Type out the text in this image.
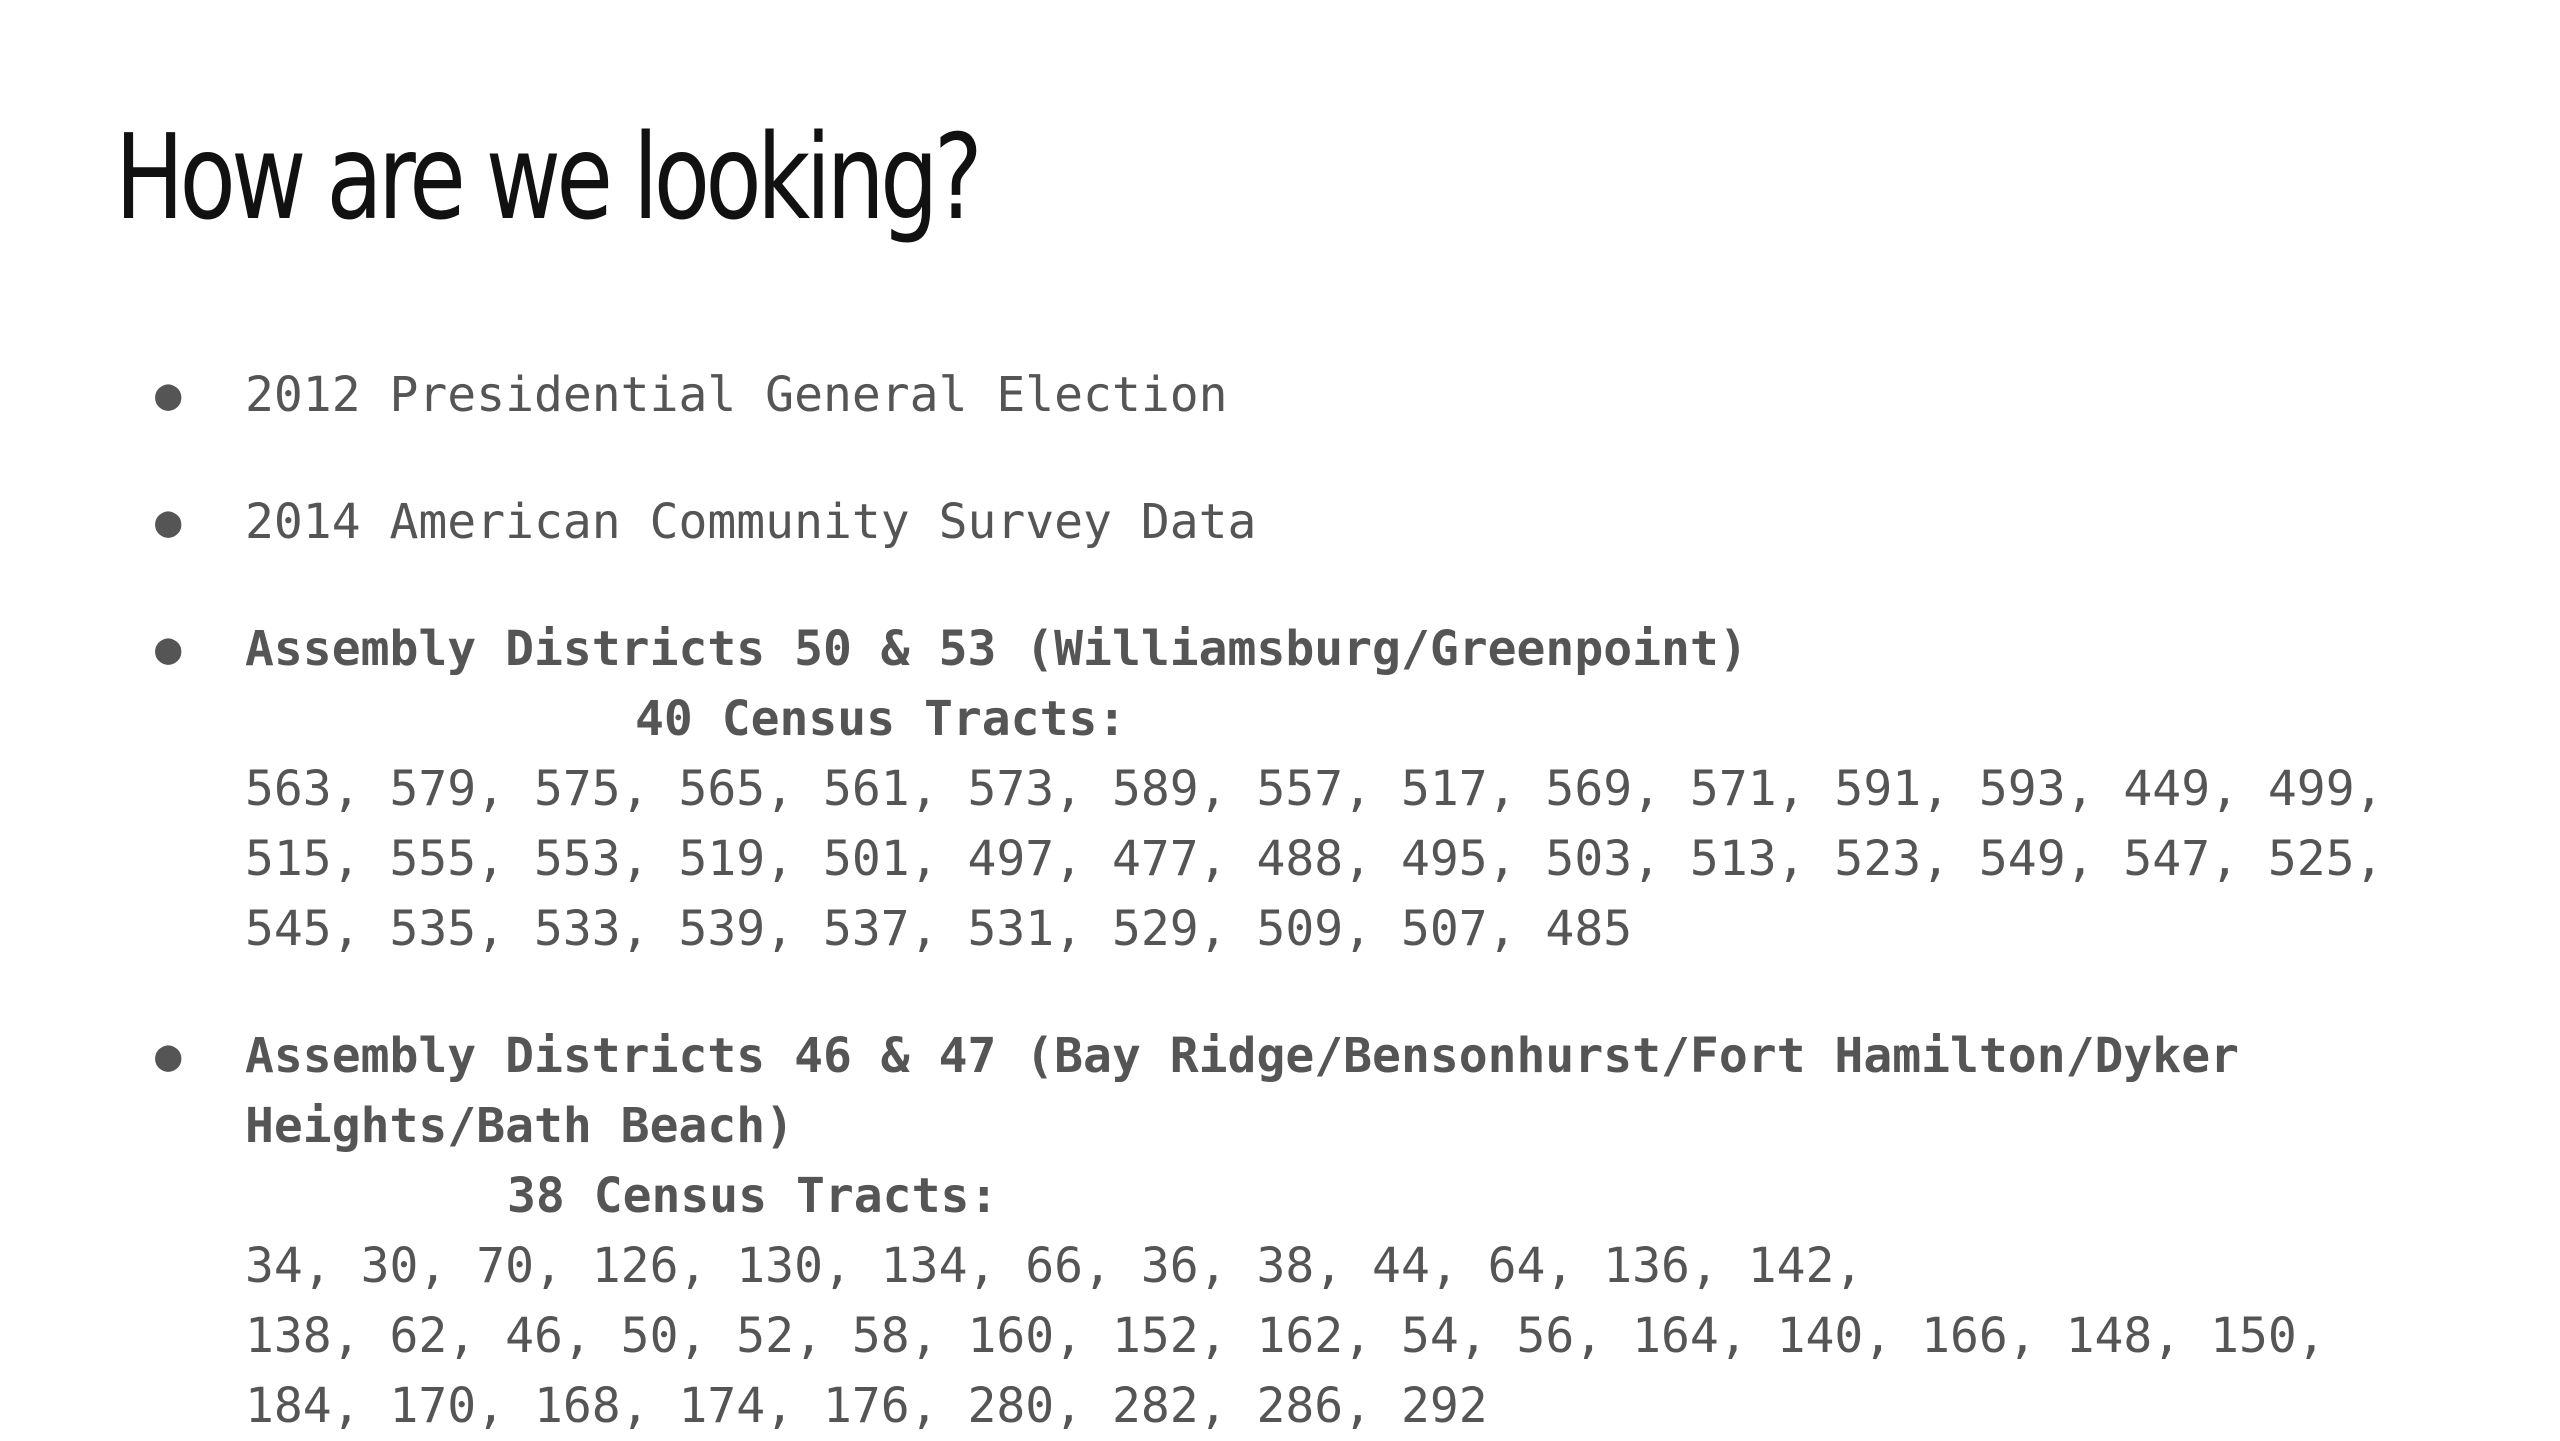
How are we looking?
● 2012 Presidential General Election
● 2014 American Community Survey Data
● Assembly Districts 50 & 53 (Williamsburg/Greenpoint)
40 Census Tracts:
563, 579, 575, 565, 561, 573, 589, 557, 517, 569, 571, 591, 593, 449, 499,
515, 555, 553, 519, 501, 497, 477, 488, 495, 503, 513, 523, 549, 547, 525,
545, 535, 533, 539, 537, 531, 529, 509, 507, 485
● Assembly Districts 46 & 47 (Bay Ridge/Bensonhurst/Fort Hamilton/Dyker
Heights/Bath Beach)
38 Census Tracts:
34, 30, 70, 126, 130, 134, 66, 36, 38, 44, 64, 136, 142,
138, 62, 46, 50, 52, 58, 160, 152, 162, 54, 56, 164, 140, 166, 148, 150,
184, 170, 168, 174, 176, 280, 282, 286, 292
